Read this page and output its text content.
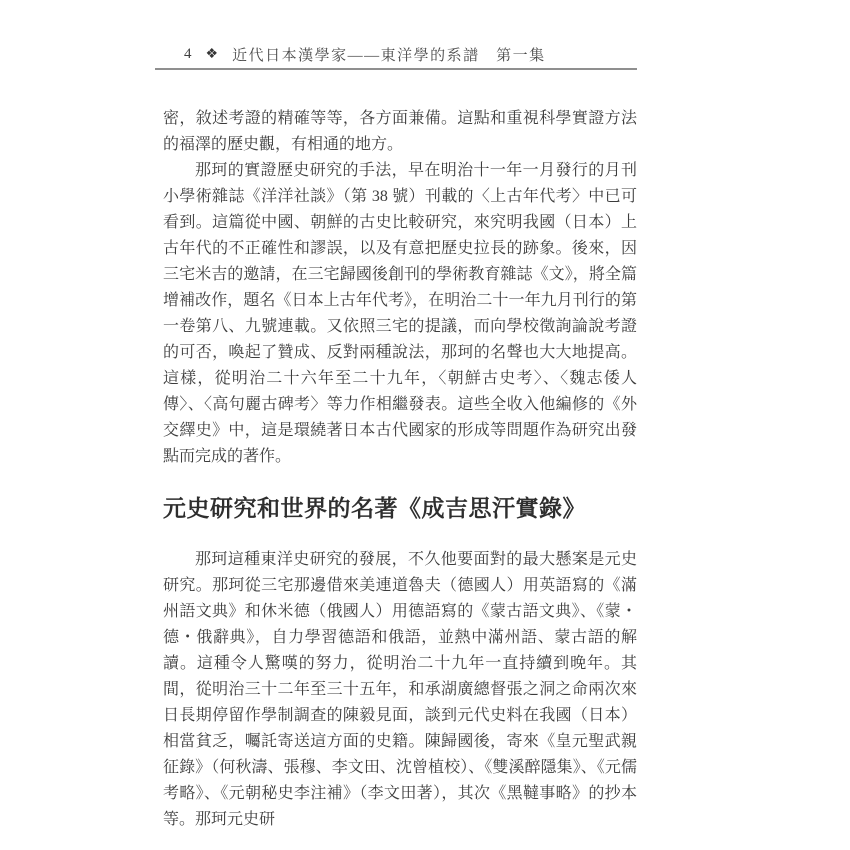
4 ❖ 近代日本漢學家——東洋學的系譜　第一集

密，敘述考證的精確等等，各方面兼備。這點和重視科學實證方法的福澤的歷史觀，有相通的地方。

那珂的實證歷史研究的手法，早在明治十一年一月發行的月刊小學術雜誌《洋洋社談》（第 38 號）刊載的〈上古年代考〉中已可看到。這篇從中國、朝鮮的古史比較研究，來究明我國（日本）上古年代的不正確性和謬誤，以及有意把歷史拉長的跡象。後來，因三宅米吉的邀請，在三宅歸國後創刊的學術教育雜誌《文》，將全篇增補改作，題名《日本上古年代考》，在明治二十一年九月刊行的第一卷第八、九號連載。又依照三宅的提議，而向學校徵詢論說考證的可否，喚起了贊成、反對兩種說法，那珂的名聲也大大地提高。這樣，從明治二十六年至二十九年，〈朝鮮古史考〉、〈魏志倭人傳〉、〈高句麗古碑考〉等力作相繼發表。這些全收入他編修的《外交繹史》中，這是環繞著日本古代國家的形成等問題作為研究出發點而完成的著作。

元史研究和世界的名著《成吉思汗實錄》

那珂這種東洋史研究的發展，不久他要面對的最大懸案是元史研究。那珂從三宅那邊借來美連道魯夫（德國人）用英語寫的《滿州語文典》和休米德（俄國人）用德語寫的《蒙古語文典》、《蒙・德・俄辭典》，自力學習德語和俄語，並熱中滿州語、蒙古語的解讀。這種令人驚嘆的努力，從明治二十九年一直持續到晚年。其間，從明治三十二年至三十五年，和承湖廣總督張之洞之命兩次來日長期停留作學制調查的陳毅見面，談到元代史料在我國（日本）相當貧乏，囑託寄送這方面的史籍。陳歸國後，寄來《皇元聖武親征錄》（何秋濤、張穆、李文田、沈曾植校）、《雙溪醉隱集》、《元儒考略》、《元朝秘史李注補》（李文田著），其次《黑韃事略》的抄本等。那珂元史研
